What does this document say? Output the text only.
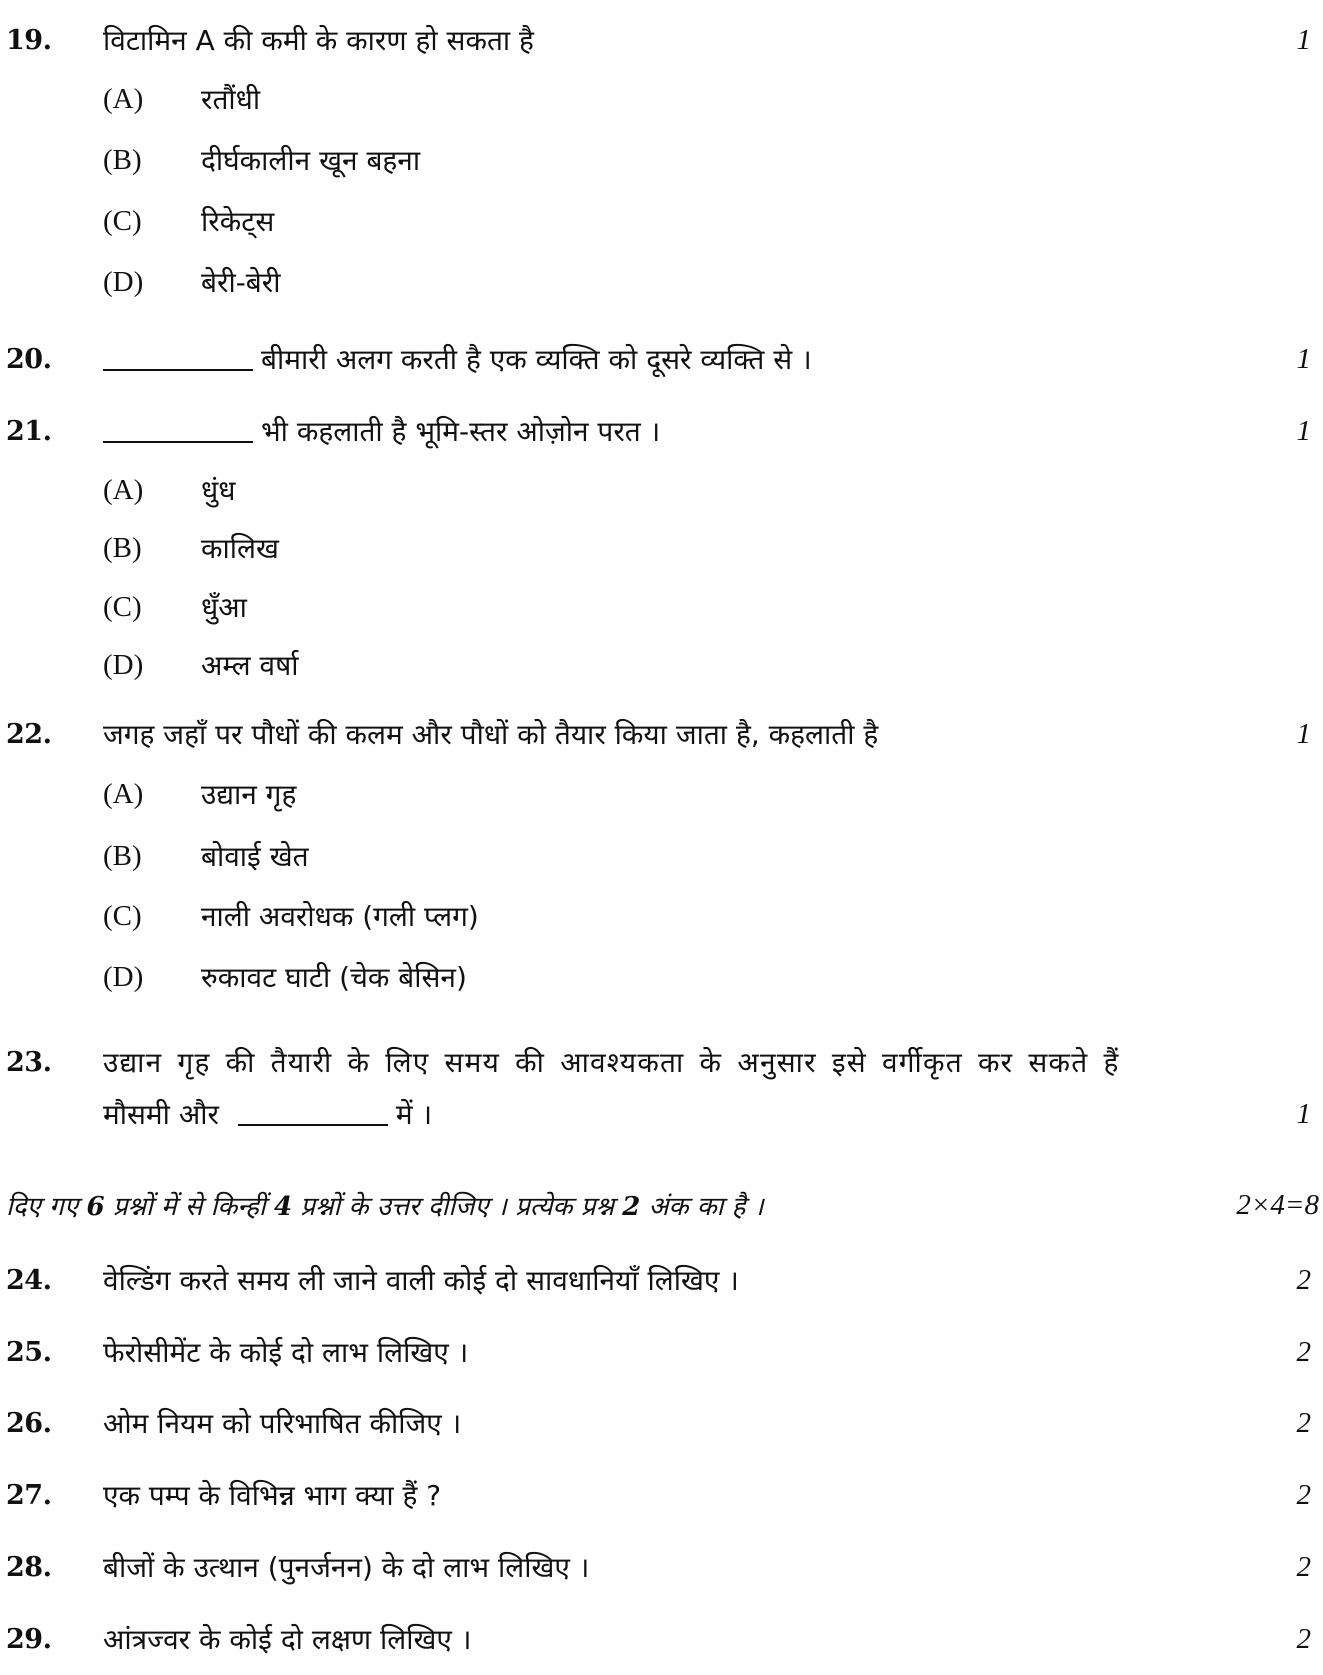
19. विटामिन A की कमी के कारण हो सकता है	1
(A) रतौंधी
(B) दीर्घकालीन खून बहना
(C) रिकेट्स
(D) बेरी-बेरी
20.	बीमारी अलग करती है एक व्यक्ति को दूसरे व्यक्ति से ।	1
21.	भी कहलाती है भूमि-स्तर ओज़ोन परत ।	1
(A) धुंध
(B) कालिख
(C) धुँआ
(D) अम्ल वर्षा
22. जगह जहाँ पर पौधों की कलम और पौधों को तैयार किया जाता है, कहलाती है	1
(A) उद्यान गृह
(B) बोवाई खेत
(C) नाली अवरोधक (गली प्लग)
(D) रुकावट घाटी (चेक बेसिन)
23. उद्यान गृह की तैयारी के लिए समय की आवश्यकता के अनुसार इसे वर्गीकृत कर सकते हैं
मौसमी और	में ।	1
दिए गए 6 प्रश्नों में से किन्हीं 4 प्रश्नों के उत्तर दीजिए । प्रत्येक प्रश्न 2 अंक का है ।	2×4=8
24. वेल्डिंग करते समय ली जाने वाली कोई दो सावधानियाँ लिखिए ।	2
25. फेरोसीमेंट के कोई दो लाभ लिखिए ।	2
26. ओम नियम को परिभाषित कीजिए ।	2
27. एक पम्प के विभिन्न भाग क्या हैं ?	2
28. बीजों के उत्थान (पुनर्जनन) के दो लाभ लिखिए ।	2
29. आंत्रज्वर के कोई दो लक्षण लिखिए ।	2
